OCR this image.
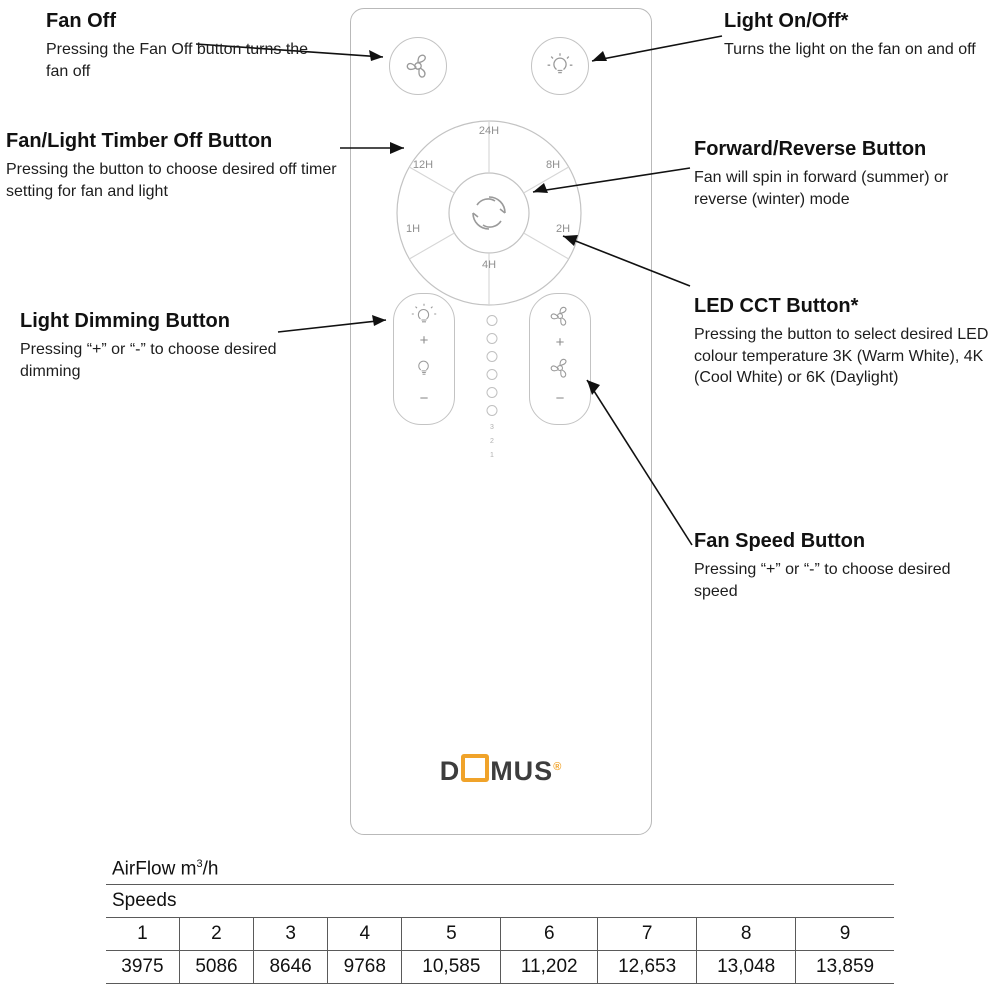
24H
12H	8H
1H	2H
4H
+
−
+
−
3
2
1
D MUS®
Fan Off
Pressing the Fan Off button turns the fan off
Fan/Light Timber Off Button
Pressing the button to choose desired off timer setting for fan and light
Light Dimming Button
Pressing “+” or “-” to choose desired dimming
Light On/Off*
Turns the light on the fan on and off
Forward/Reverse Button
Fan will spin in forward (summer) or reverse (winter) mode
LED CCT Button*
Pressing the button to select desired LED colour temperature 3K (Warm White), 4K (Cool White) or 6K (Daylight)
Fan Speed Button
Pressing “+” or “-” to choose desired speed
AirFlow $m^3/h$
Speeds								
1	2	3	4	5	6	7	8	9
3975	5086	8646	9768	10,585	11,202	12,653	13,048	13,859
